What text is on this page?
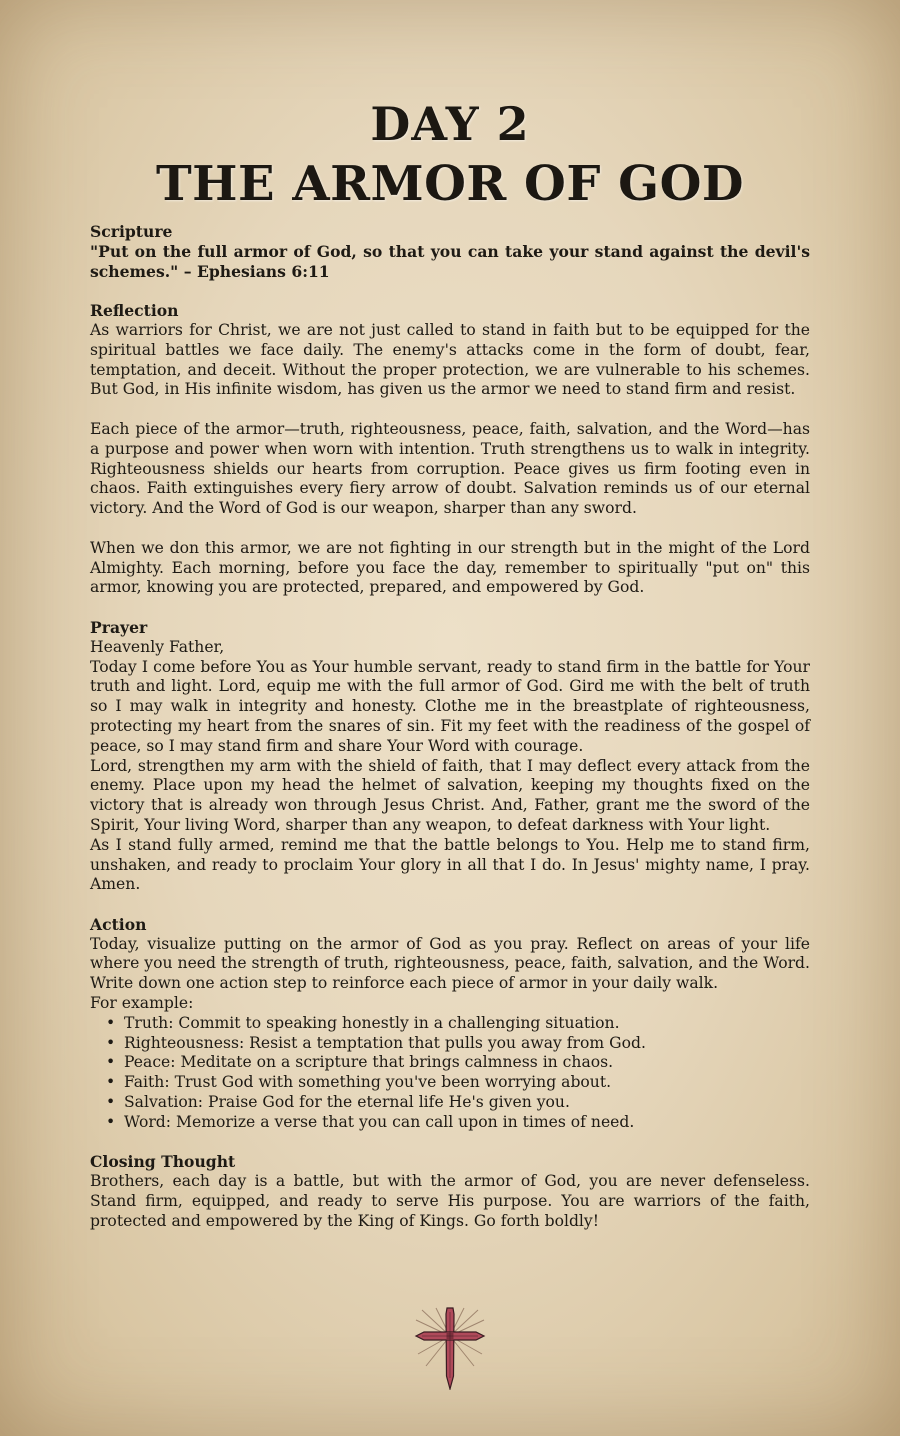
DAY 2
THE ARMOR OF GOD

Scripture

"Put on the full armor of God, so that you can take your stand against the devil's schemes." – Ephesians 6:11

Reflection

As warriors for Christ, we are not just called to stand in faith but to be equipped for the spiritual battles we face daily. The enemy's attacks come in the form of doubt, fear, temptation, and deceit. Without the proper protection, we are vulnerable to his schemes. But God, in His infinite wisdom, has given us the armor we need to stand firm and resist.

Each piece of the armor—truth, righteousness, peace, faith, salvation, and the Word—has a purpose and power when worn with intention. Truth strengthens us to walk in integrity. Righteousness shields our hearts from corruption. Peace gives us firm footing even in chaos. Faith extinguishes every fiery arrow of doubt. Salvation reminds us of our eternal victory. And the Word of God is our weapon, sharper than any sword.

When we don this armor, we are not fighting in our strength but in the might of the Lord Almighty. Each morning, before you face the day, remember to spiritually "put on" this armor, knowing you are protected, prepared, and empowered by God.

Prayer

Heavenly Father,

Today I come before You as Your humble servant, ready to stand firm in the battle for Your truth and light. Lord, equip me with the full armor of God. Gird me with the belt of truth so I may walk in integrity and honesty. Clothe me in the breastplate of righteousness, protecting my heart from the snares of sin. Fit my feet with the readiness of the gospel of peace, so I may stand firm and share Your Word with courage.

Lord, strengthen my arm with the shield of faith, that I may deflect every attack from the enemy. Place upon my head the helmet of salvation, keeping my thoughts fixed on the victory that is already won through Jesus Christ. And, Father, grant me the sword of the Spirit, Your living Word, sharper than any weapon, to defeat darkness with Your light.

As I stand fully armed, remind me that the battle belongs to You. Help me to stand firm, unshaken, and ready to proclaim Your glory in all that I do. In Jesus' mighty name, I pray. Amen.

Action

Today, visualize putting on the armor of God as you pray. Reflect on areas of your life where you need the strength of truth, righteousness, peace, faith, salvation, and the Word. Write down one action step to reinforce each piece of armor in your daily walk.

For example:

• Truth: Commit to speaking honestly in a challenging situation.
• Righteousness: Resist a temptation that pulls you away from God.
• Peace: Meditate on a scripture that brings calmness in chaos.
• Faith: Trust God with something you've been worrying about.
• Salvation: Praise God for the eternal life He's given you.
• Word: Memorize a verse that you can call upon in times of need.

Closing Thought

Brothers, each day is a battle, but with the armor of God, you are never defenseless. Stand firm, equipped, and ready to serve His purpose. You are warriors of the faith, protected and empowered by the King of Kings. Go forth boldly!
